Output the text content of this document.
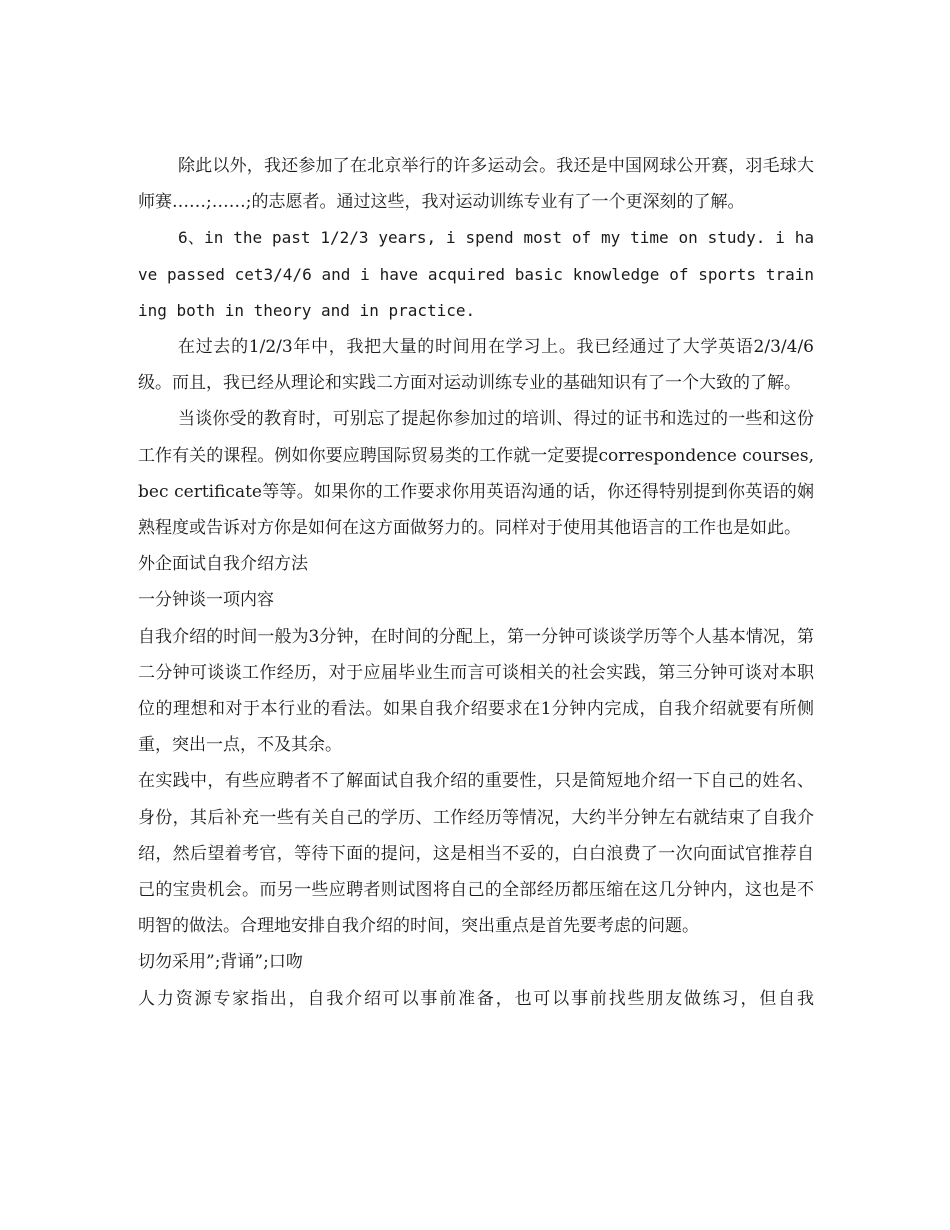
除此以外，我还参加了在北京举行的许多运动会。我还是中国网球公开赛，羽毛球大师赛……;……;的志愿者。通过这些，我对运动训练专业有了一个更深刻的了解。

6、in the past 1/2/3 years, i spend most of my time on study. i have passed cet3/4/6 and i have acquired basic knowledge of sports training both in theory and in practice.

在过去的1/2/3年中，我把大量的时间用在学习上。我已经通过了大学英语2/3/4/6级。而且，我已经从理论和实践二方面对运动训练专业的基础知识有了一个大致的了解。

当谈你受的教育时，可别忘了提起你参加过的培训、得过的证书和选过的一些和这份工作有关的课程。例如你要应聘国际贸易类的工作就一定要提correspondence courses, bec certificate等等。如果你的工作要求你用英语沟通的话，你还得特别提到你英语的娴熟程度或告诉对方你是如何在这方面做努力的。同样对于使用其他语言的工作也是如此。

外企面试自我介绍方法

一分钟谈一项内容

自我介绍的时间一般为3分钟，在时间的分配上，第一分钟可谈谈学历等个人基本情况，第二分钟可谈谈工作经历，对于应届毕业生而言可谈相关的社会实践，第三分钟可谈对本职位的理想和对于本行业的看法。如果自我介绍要求在1分钟内完成，自我介绍就要有所侧重，突出一点，不及其余。

在实践中，有些应聘者不了解面试自我介绍的重要性，只是简短地介绍一下自己的姓名、身份，其后补充一些有关自己的学历、工作经历等情况，大约半分钟左右就结束了自我介绍，然后望着考官，等待下面的提问，这是相当不妥的，白白浪费了一次向面试官推荐自己的宝贵机会。而另一些应聘者则试图将自己的全部经历都压缩在这几分钟内，这也是不明智的做法。合理地安排自我介绍的时间，突出重点是首先要考虑的问题。

切勿采用”;背诵”;口吻

人力资源专家指出，自我介绍可以事前准备，也可以事前找些朋友做练习，但自我
